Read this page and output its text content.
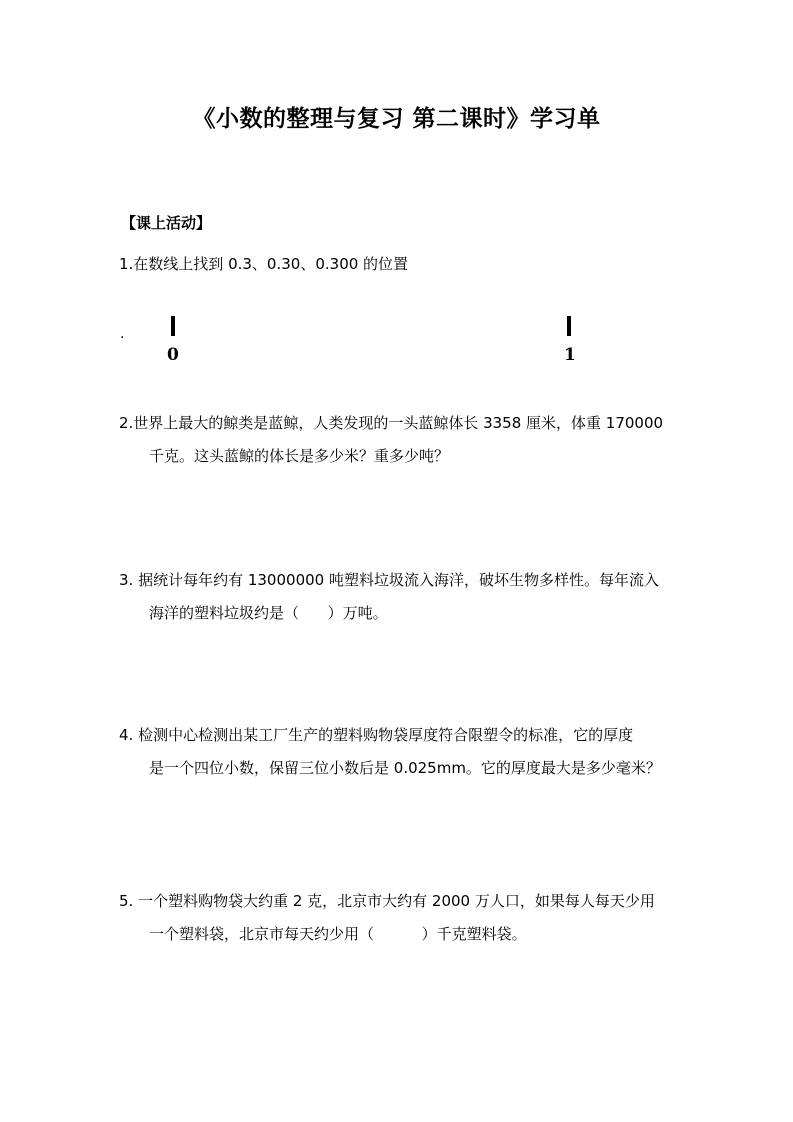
《小数的整理与复习 第二课时》学习单
【课上活动】
1.在数线上找到 0.3、0.30、0.300 的位置
.
0	1
2.世界上最大的鲸类是蓝鲸，人类发现的一头蓝鲸体长 3358 厘米，体重 170000
千克。这头蓝鲸的体长是多少米？重多少吨？
3. 据统计每年约有 13000000 吨塑料垃圾流入海洋，破坏生物多样性。每年流入
海洋的塑料垃圾约是（      ）万吨。
4. 检测中心检测出某工厂生产的塑料购物袋厚度符合限塑令的标准，它的厚度
是一个四位小数，保留三位小数后是 0.025mm。它的厚度最大是多少毫米？
5. 一个塑料购物袋大约重 2 克，北京市大约有 2000 万人口，如果每人每天少用
一个塑料袋，北京市每天约少用（          ）千克塑料袋。
